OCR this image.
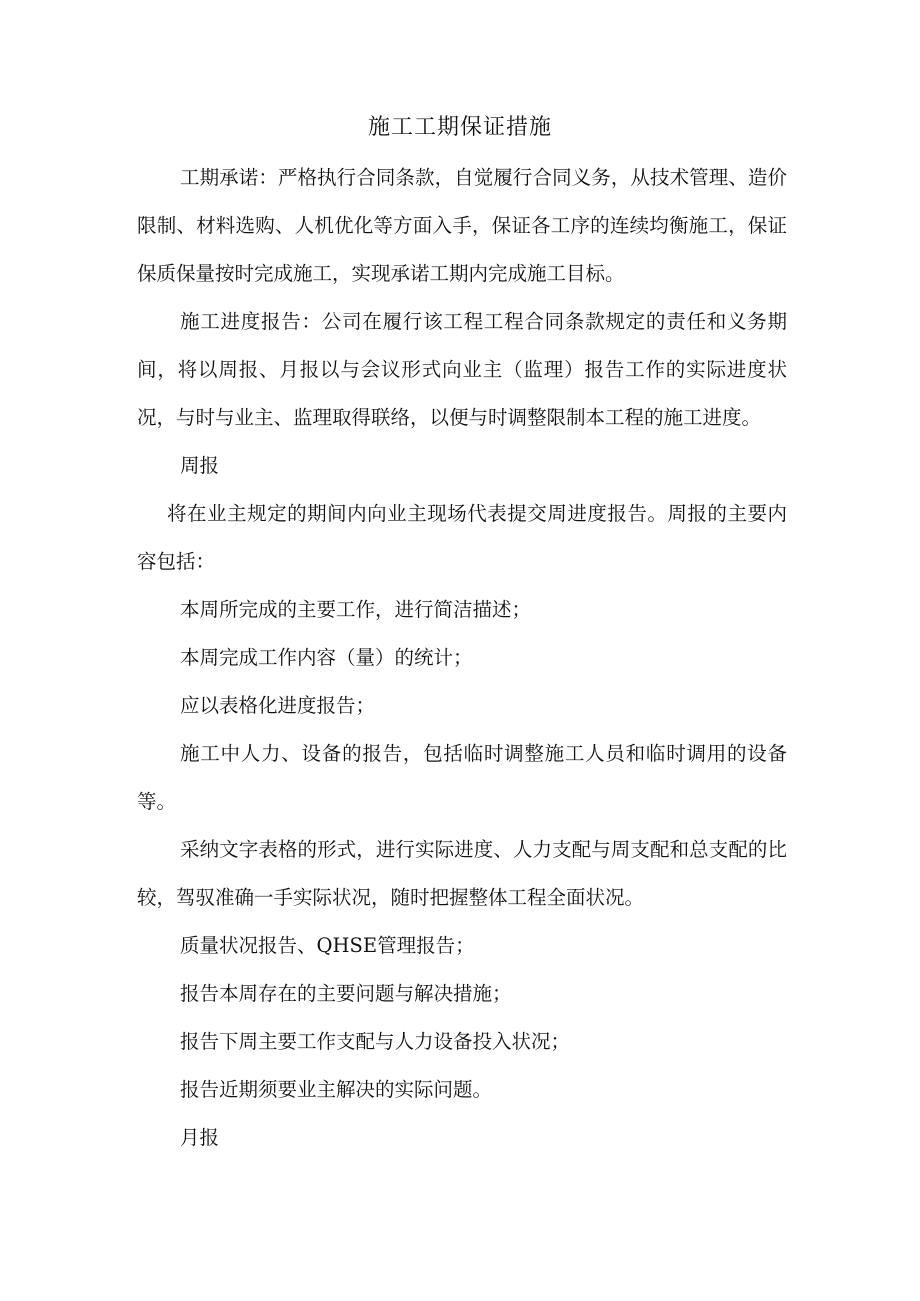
施工工期保证措施

工期承诺：严格执行合同条款，自觉履行合同义务，从技术管理、造价限制、材料选购、人机优化等方面入手，保证各工序的连续均衡施工，保证保质保量按时完成施工，实现承诺工期内完成施工目标。

施工进度报告：公司在履行该工程工程合同条款规定的责任和义务期间，将以周报、月报以与会议形式向业主（监理）报告工作的实际进度状况，与时与业主、监理取得联络，以便与时调整限制本工程的施工进度。

周报

将在业主规定的期间内向业主现场代表提交周进度报告。周报的主要内容包括：

本周所完成的主要工作，进行简洁描述；

本周完成工作内容（量）的统计；

应以表格化进度报告；

施工中人力、设备的报告，包括临时调整施工人员和临时调用的设备等。

采纳文字表格的形式，进行实际进度、人力支配与周支配和总支配的比较，驾驭准确一手实际状况，随时把握整体工程全面状况。

质量状况报告、QHSE管理报告；

报告本周存在的主要问题与解决措施；

报告下周主要工作支配与人力设备投入状况；

报告近期须要业主解决的实际问题。

月报
